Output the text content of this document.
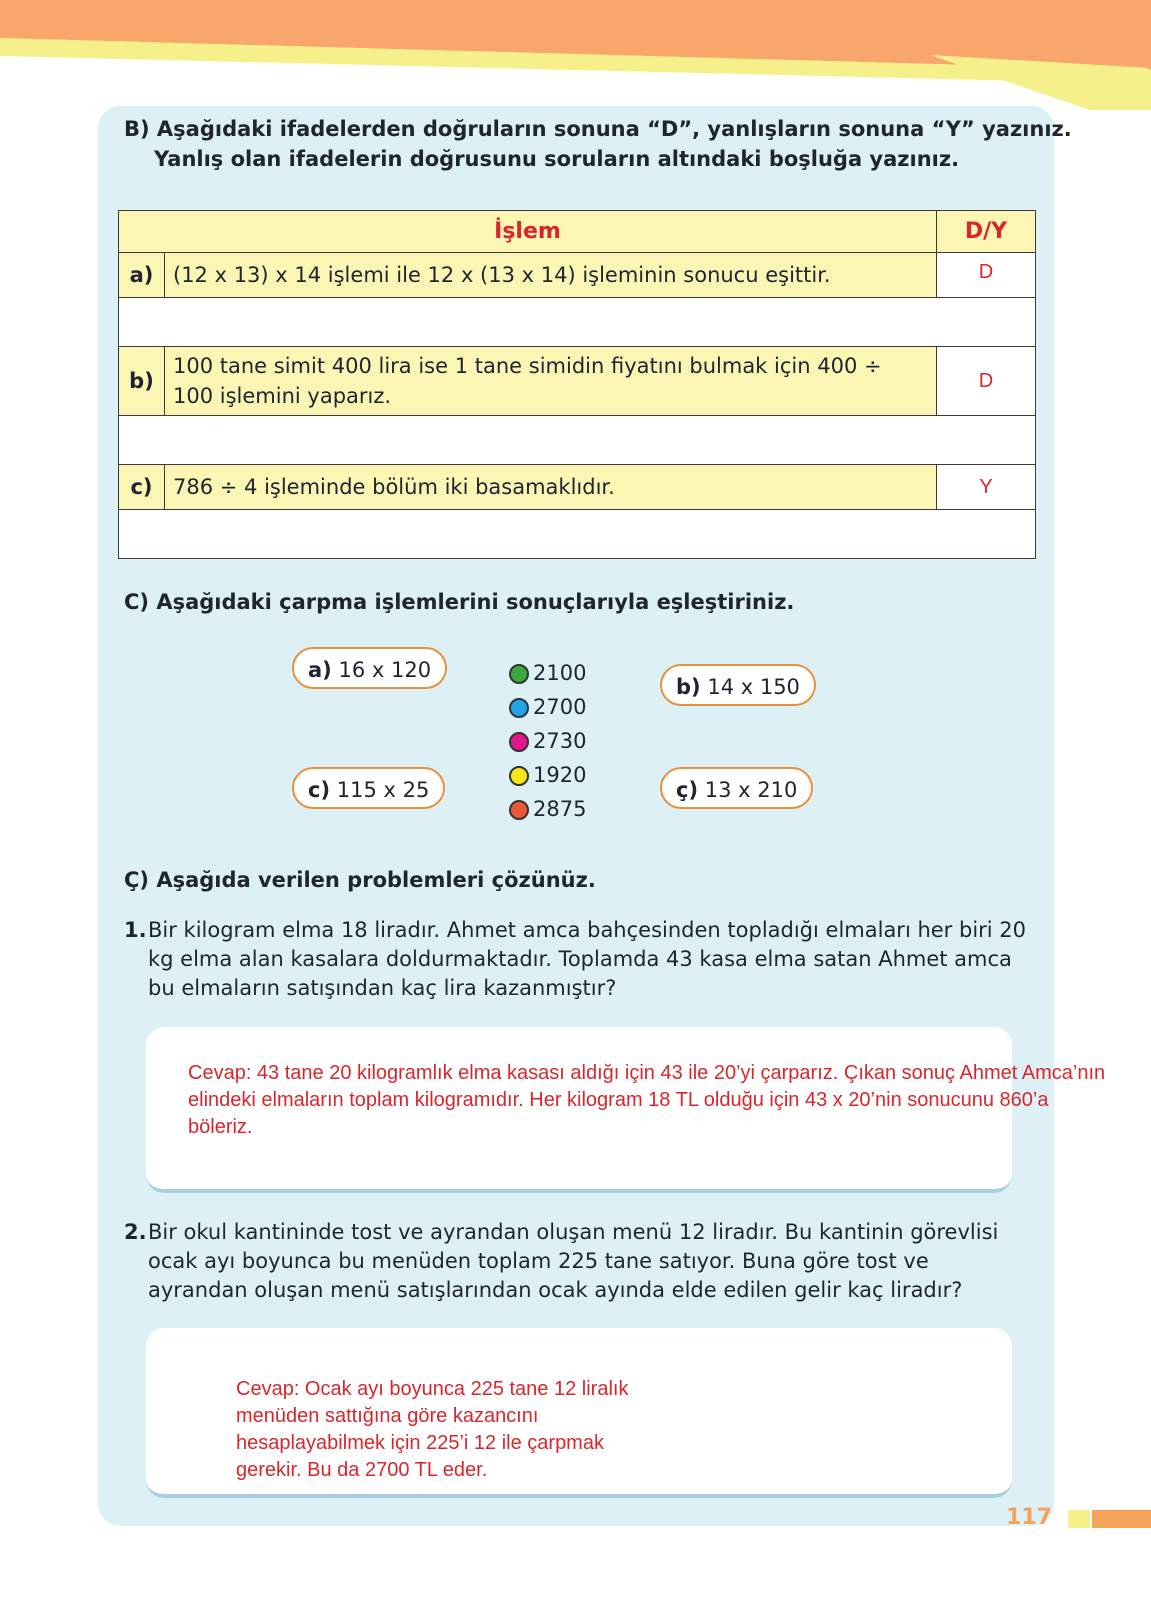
B) Aşağıdaki ifadelerden doğruların sonuna “D”, yanlışların sonuna “Y” yazınız.
Yanlış olan ifadelerin doğrusunu soruların altındaki boşluğa yazınız.
İşlem		D/Y
a)	(12 x 13) x 14 işlemi ile 12 x (13 x 14) işleminin sonucu eşittir.	D

b)	100 tane simit 400 lira ise 1 tane simidin fiyatını bulmak için 400 ÷ 100 işlemini yaparız.	D

c)	786 ÷ 4 işleminde bölüm iki basamaklıdır.	Y

C) Aşağıdaki çarpma işlemlerini sonuçlarıyla eşleştiriniz.
a) 16 x 120
b) 14 x 150
c) 115 x 25	ç) 13 x 210
2100
2700
2730
1920
2875
Ç) Aşağıda verilen problemleri çözünüz.
1. Bir kilogram elma 18 liradır. Ahmet amca bahçesinden topladığı elmaları her biri 20 kg elma alan kasalara doldurmaktadır. Toplamda 43 kasa elma satan Ahmet amca bu elmaların satışından kaç lira kazanmıştır?
Cevap: 43 tane 20 kilogramlık elma kasası aldığı için 43 ile 20’yi çarparız. Çıkan sonuç Ahmet Amca’nın
elindeki elmaların toplam kilogramıdır. Her kilogram 18 TL olduğu için 43 x 20’nin sonucunu 860’a
böleriz.
2. Bir okul kantininde tost ve ayrandan oluşan menü 12 liradır. Bu kantinin görevlisi ocak ayı boyunca bu menüden toplam 225 tane satıyor. Buna göre tost ve ayrandan oluşan menü satışlarından ocak ayında elde edilen gelir kaç liradır?
Cevap: Ocak ayı boyunca 225 tane 12 liralık
menüden sattığına göre kazancını
hesaplayabilmek için 225’i 12 ile çarpmak
gerekir. Bu da 2700 TL eder.
117
